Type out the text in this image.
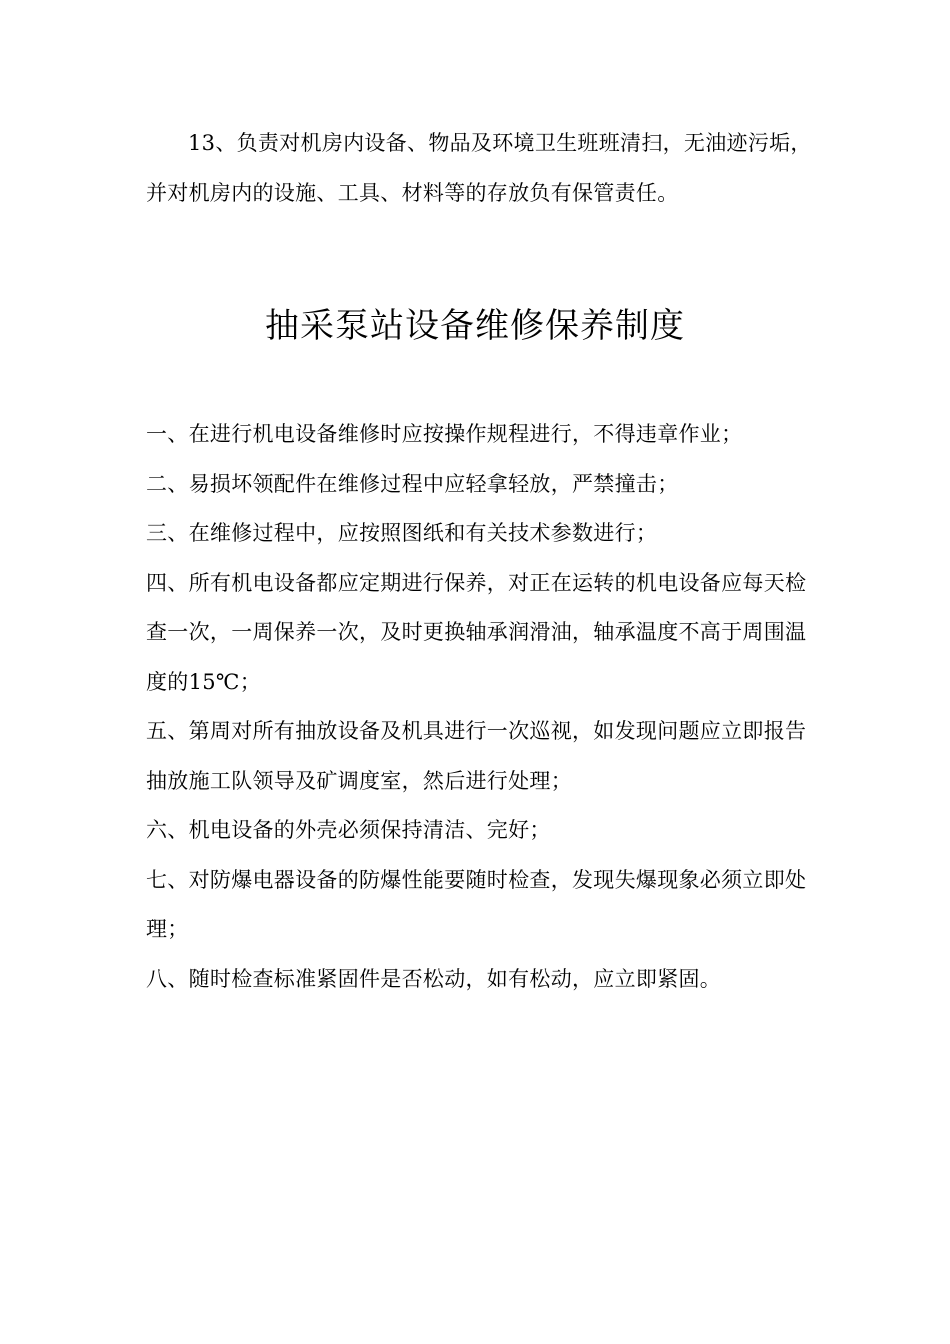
13、负责对机房内设备、物品及环境卫生班班清扫，无油迹污垢，并对机房内的设施、工具、材料等的存放负有保管责任。

抽采泵站设备维修保养制度
一、在进行机电设备维修时应按操作规程进行，不得违章作业；
二、易损坏领配件在维修过程中应轻拿轻放，严禁撞击；
三、在维修过程中，应按照图纸和有关技术参数进行；
四、所有机电设备都应定期进行保养，对正在运转的机电设备应每天检查一次，一周保养一次，及时更换轴承润滑油，轴承温度不高于周围温度的15℃；
五、第周对所有抽放设备及机具进行一次巡视，如发现问题应立即报告抽放施工队领导及矿调度室，然后进行处理；
六、机电设备的外壳必须保持清洁、完好；
七、对防爆电器设备的防爆性能要随时检查，发现失爆现象必须立即处理；
八、随时检查标准紧固件是否松动，如有松动，应立即紧固。
